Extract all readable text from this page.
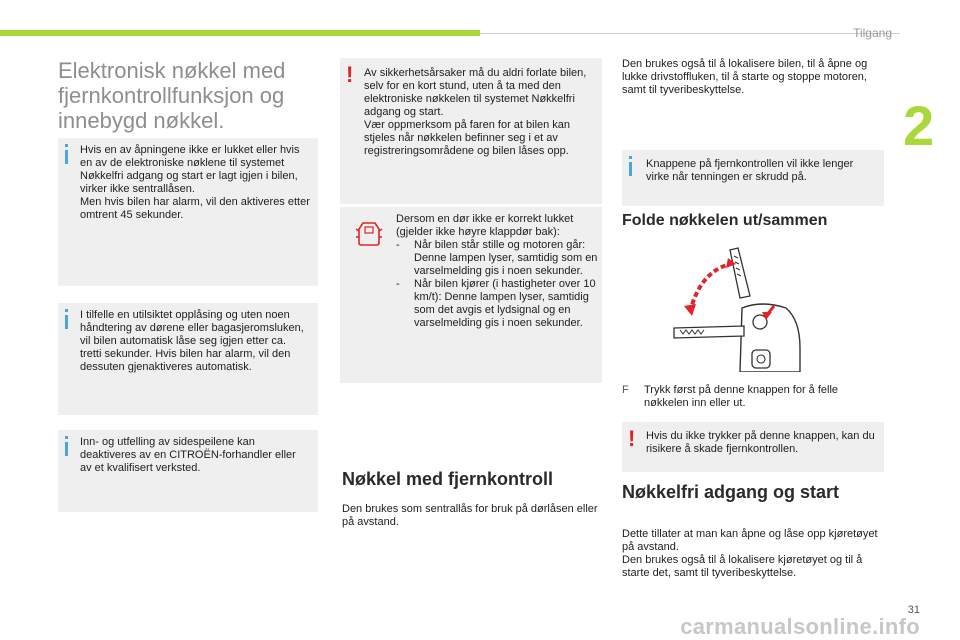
Tilgang
2
Elektronisk nøkkel med fjernkontrollfunksjon og innebygd nøkkel.
Hvis en av åpningene ikke er lukket eller hvis en av de elektroniske nøklene til systemet Nøkkelfri adgang og start er lagt igjen i bilen, virker ikke sentrallåsen.
Men hvis bilen har alarm, vil den aktiveres etter omtrent 45 sekunder.
I tilfelle en utilsiktet opplåsing og uten noen håndtering av dørene eller bagasjeromsluken, vil bilen automatisk låse seg igjen etter ca. tretti sekunder. Hvis bilen har alarm, vil den dessuten gjenaktiveres automatisk.
Inn- og utfelling av sidespeilene kan deaktiveres av en CITROËN-forhandler eller av et kvalifisert verksted.
! Av sikkerhetsårsaker må du aldri forlate bilen, selv for en kort stund, uten å ta med den elektroniske nøkkelen til systemet Nøkkelfri adgang og start.
Vær oppmerksom på faren for at bilen kan stjeles når nøkkelen befinner seg i et av registreringsområdene og bilen låses opp.
Dersom en dør ikke er korrekt lukket (gjelder ikke høyre klappdør bak):
-	Når bilen står stille og motoren går: Denne lampen lyser, samtidig som en varselmelding gis i noen sekunder.
-	Når bilen kjører (i hastigheter over 10 km/t): Denne lampen lyser, samtidig som det avgis et lydsignal og en varselmelding gis i noen sekunder.
Nøkkel med fjernkontroll
Den brukes som sentrallås for bruk på dørlåsen eller på avstand.
Den brukes også til å lokalisere bilen, til å åpne og lukke drivstoffluken, til å starte og stoppe motoren, samt til tyveribeskyttelse.
Knappene på fjernkontrollen vil ikke lenger virke når tenningen er skrudd på.
Folde nøkkelen ut/sammen
F	Trykk først på denne knappen for å felle nøkkelen inn eller ut.
! Hvis du ikke trykker på denne knappen, kan du risikere å skade fjernkontrollen.
Nøkkelfri adgang og start
Dette tillater at man kan åpne og låse opp kjøretøyet på avstand.
Den brukes også til å lokalisere kjøretøyet og til å starte det, samt til tyveribeskyttelse.
31
carmanualsonline.info
